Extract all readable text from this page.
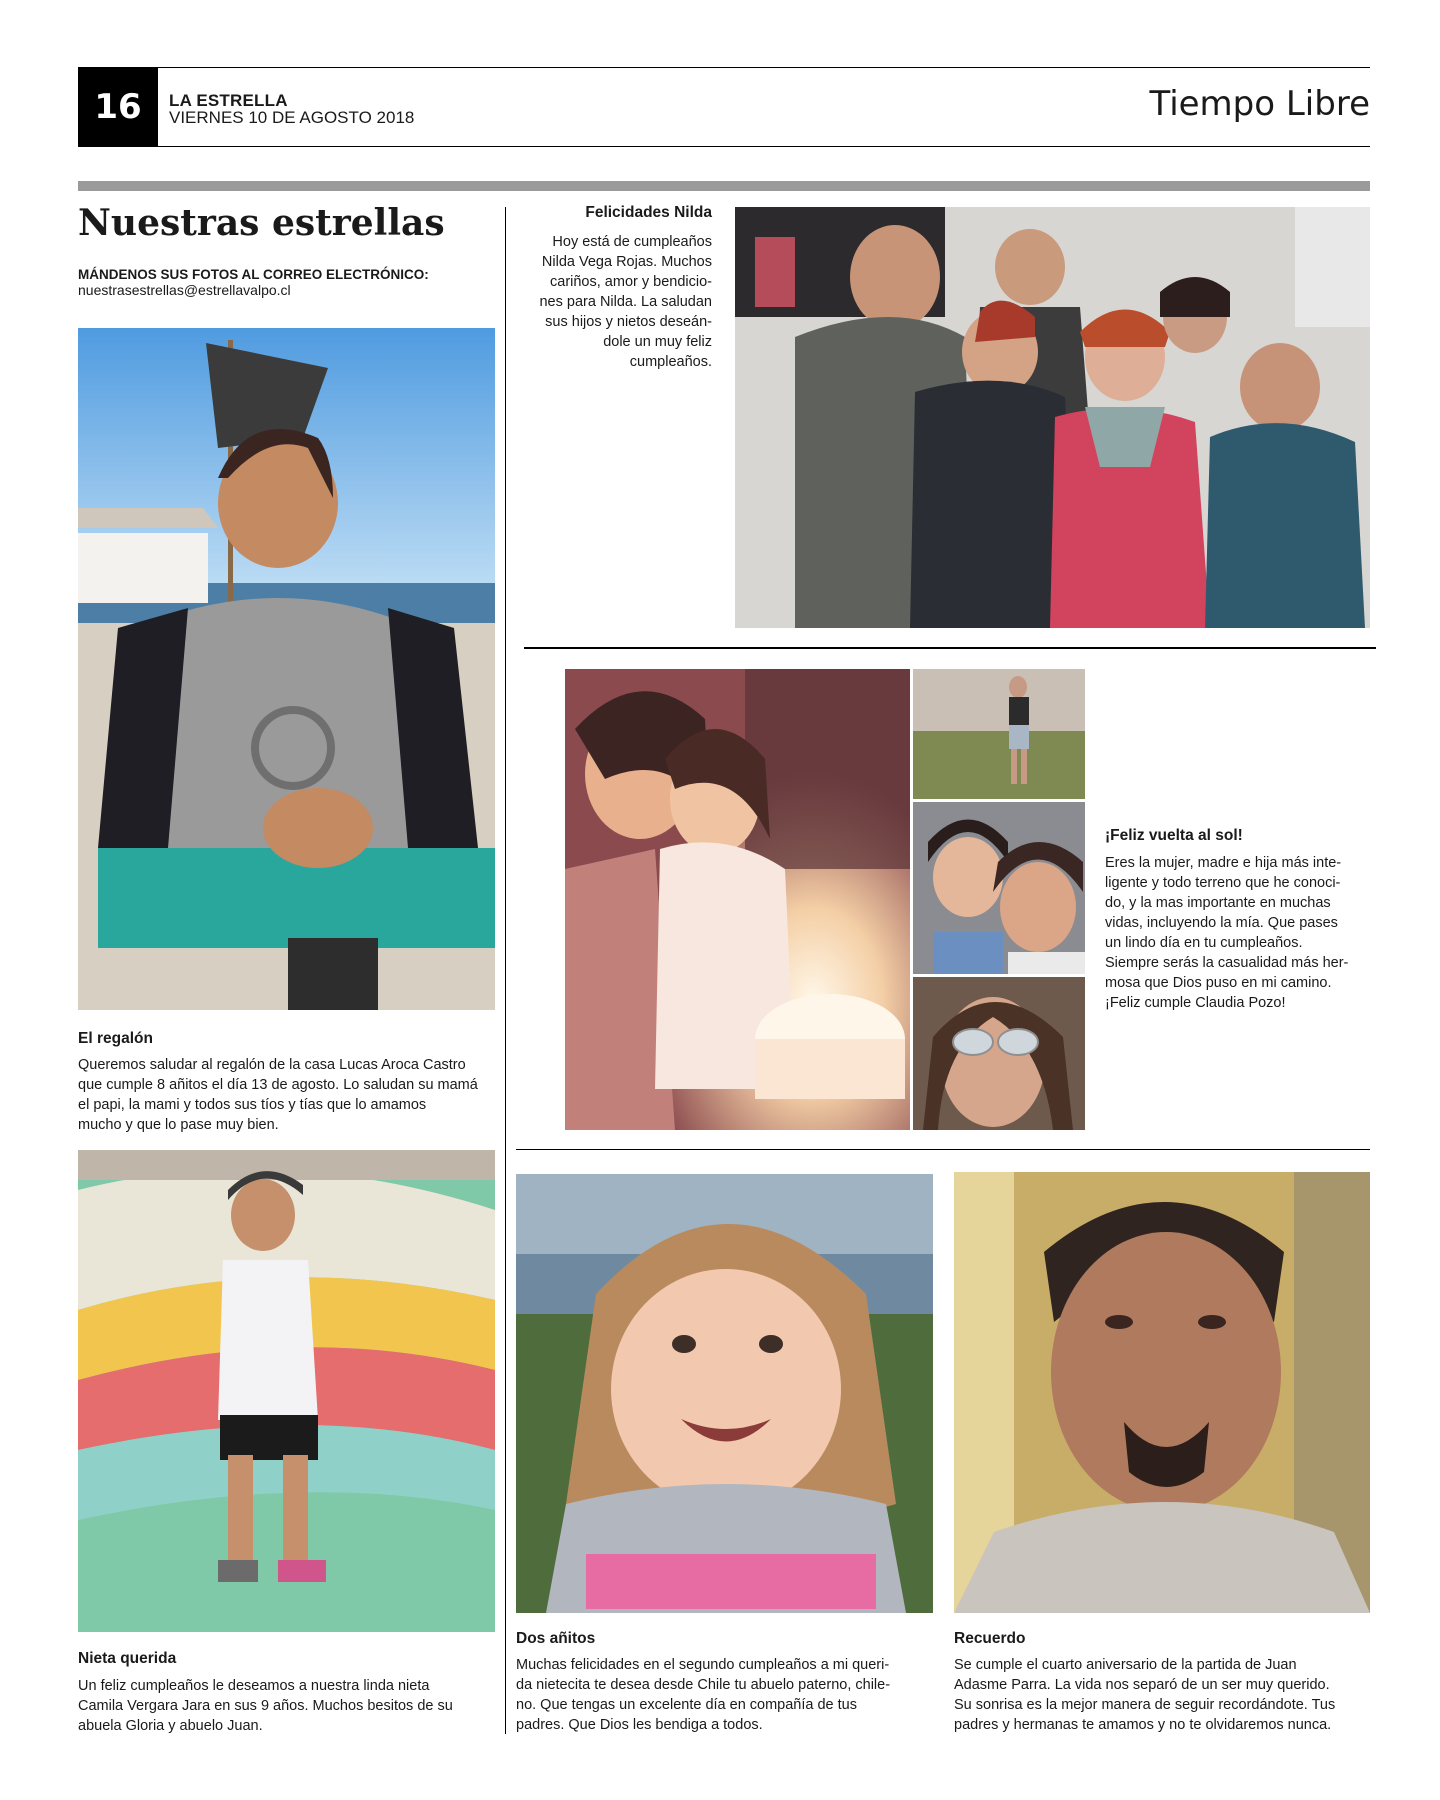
16	LA ESTRELLA
VIERNES 10 DE AGOSTO 2018	Tiempo Libre
Nuestras estrellas
MÁNDENOS SUS FOTOS AL CORREO ELECTRÓNICO:
nuestrasestrellas@estrellavalpo.cl
El regalón
Queremos saludar al regalón de la casa Lucas Aroca Castro
que cumple 8 añitos el día 13 de agosto. Lo saludan su mamá
el papi, la mami y todos sus tíos y tías que lo amamos
mucho y que lo pase muy bien.
Nieta querida
Un feliz cumpleaños le deseamos a nuestra linda nieta
Camila Vergara Jara en sus 9 años. Muchos besitos de su
abuela Gloria y abuelo Juan.
Felicidades Nilda
Hoy está de cumpleaños
Nilda Vega Rojas. Muchos
cariños, amor y bendicio-
nes para Nilda. La saludan
sus hijos y nietos deseán-
dole un muy feliz
cumpleaños.
¡Feliz vuelta al sol!
Eres la mujer, madre e hija más inte-
ligente y todo terreno que he conoci-
do, y la mas importante en muchas
vidas, incluyendo la mía. Que pases
un lindo día en tu cumpleaños.
Siempre serás la casualidad más her-
mosa que Dios puso en mi camino.
¡Feliz cumple Claudia Pozo!
Dos añitos
Muchas felicidades en el segundo cumpleaños a mi queri-
da nietecita te desea desde Chile tu abuelo paterno, chile-
no. Que tengas un excelente día en compañía de tus
padres. Que Dios les bendiga a todos.
Recuerdo
Se cumple el cuarto aniversario de la partida de Juan
Adasme Parra. La vida nos separó de un ser muy querido.
Su sonrisa es la mejor manera de seguir recordándote. Tus
padres y hermanas te amamos y no te olvidaremos nunca.
